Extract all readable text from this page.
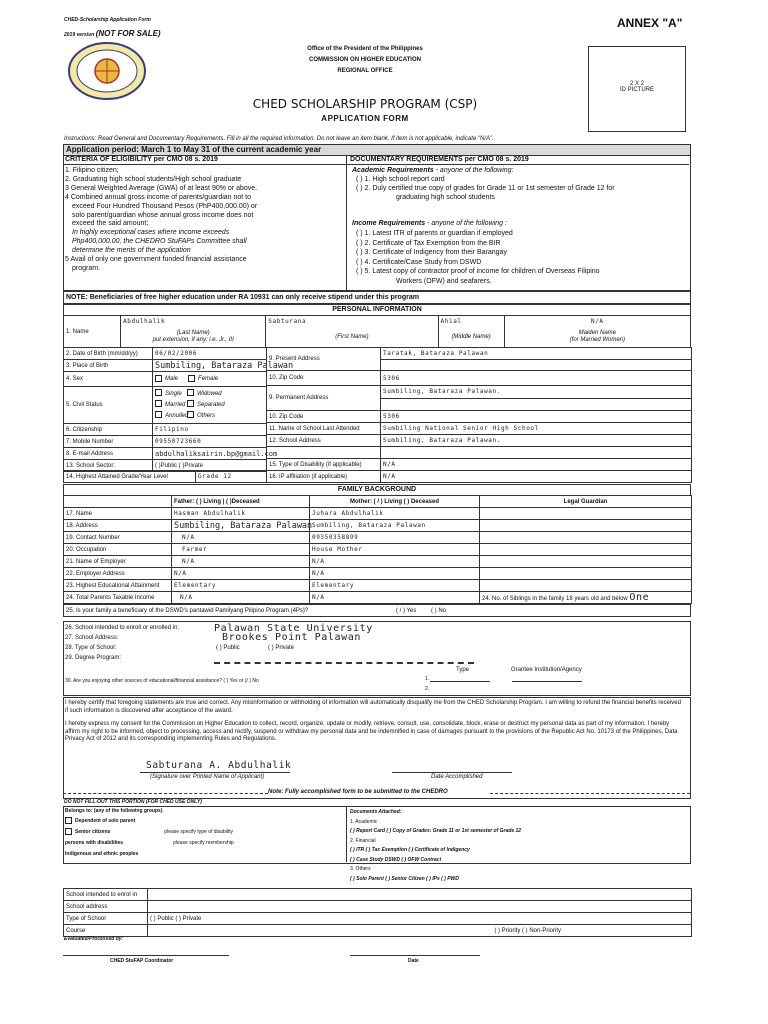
CHED-Scholarship Application Form
2019 version (NOT FOR SALE)
ANNEX "A"
Office of the President of the Philippines
COMMISSION ON HIGHER EDUCATION
REGIONAL OFFICE
CHED SCHOLARSHIP PROGRAM (CSP)
APPLICATION FORM
2 X 2
ID PICTURE
Instructions: Read General and Documentary Requirements. Fill in all the required information. Do not leave an item blank. If item is not applicable, indicate "N/A".
Application period: March 1 to May 31 of the current academic year
CRITERIA OF ELIGIBILITY per CMO 08 s. 2019
1. Filipino citizen;
2. Graduating high school students/High school graduate
3 General Weighted Average (GWA) of at least 90% or above.
4 Combined annual gross income of parents/guardian not to
exceed Four Hundred Thousand Pesos (PhP400,000.00) or
solo parent/guardian whose annual gross income does not
exceed the said amount;
In highly exceptional cases where income exceeds
Php400,000.00, the CHEDRO StuFAPs Committee shall
determine the merits of the application
5 Avail of only one government funded financial assistance
program.
DOCUMENTARY REQUIREMENTS per CMO 08 s. 2019
Academic Requirements - anyone of the following:
( ) 1. High school report card
( ) 2. Duly certified true copy of grades for Grade 11 or 1st semester of Grade 12 for
graduating high school students
Income Requirements - anyone of the following :
( ) 1. Latest ITR of parents or guardian if employed
( ) 2. Certificate of Tax Exemption from the BIR
( ) 3. Certificate of Indigency from their Barangay
( ) 4. Certificate/Case Study from DSWD
( ) 5. Latest copy of contractor proof of income for children of Overseas Filipino
Workers (OFW) and seafarers.
NOTE: Beneficiaries of free higher education under RA 10931 can only receive stipend under this program
PERSONAL INFORMATION
1. Name	Abdulhalik	Sabturana	Ahial	N/A
	(Last Name)
put extension, if any: i.e. Jr., III	(First Name)	(Middle Name)	Maiden Name
(for Married Women)
2. Date of Birth (mm/dd/yy)	06/02/2006
3. Place of Birth	Sumbiling, Bataraza Palawan
4. Sex	Male Female
5. Civil Status	Single Widowed
Married Separated
Annulled Others
6. Citizenship	Filipino
7. Mobile Number	09550723660
8. E-mail Address	abdulhaliksairin.bp@gmail.com
13. School Sector:	( )Public ( )Private
14. Highest Attained Grade/Year Level	Grade 12
9. Present Address	Taratak, Bataraza Palawan

10. Zip Code	5306
9. Permanent Address	Sumbiling, Bataraza Palawan.

10. Zip Code	5306
11. Name of School Last Attended	Sumbiling National Senior High School
12. School Address	Sumbiling, Bataraza Palawan.

15. Type of Disability (if applicable)	N/A
16. IP affiliation (if applicable)	N/A
FAMILY BACKGROUND
	Father: ( ) Living | ( )Deceased	Mother: ( / ) Living ( ) Deceased	Legal Guardian
17. Name	Hasman Abdulhalik	Juhara Abdulhalik	
18. Address	Sumbiling, Bataraza Palawan	Sumbiling, Bataraza Palawan	
19. Contact Number	N/A	09350358899	
20. Occupation	Farmer	House Mother	
21. Name of Employer	N/A	N/A	
22. Employer Address	N/A	N/A	
23. Highest Educational Attainment	Elementary	Elementary	
24. Total Parents Taxable Income	N/A	N/A	24. No. of Siblings in the family 18 years old and below One
25. Is your family a beneficiary of the DSWD's pantawid Pamilyang Pilipino Program (4Ps)?	( / ) Yes ( ) No
26. School intended to enroll or enrolled in:	Palawan State University
27. School Address:	Brookes Point Palawan
28. Type of School:	( ) Public	( ) Private
29. Degree Program:
Type	Grantee Institution/Agency
30. Are you enjoying other sources of educational/financial assistance? ( ) Yes or (/ ) No	1.
2.
I hereby certify that foregoing statements are true and correct. Any misinformation or withholding of information will automatically disqualify me from the CHED Scholarship Program. I am willing to refund the financial benefits received if such information is discovered after acceptance of the award.
I hereby express my consent for the Commission on Higher Education to collect, record, organize, update or modify, retrieve, consult, use, consolidate, block, erase or destruct my personal data as part of my information. I hereby affirm my right to be informed, object to processing, access and rectify, suspend or withdraw my personal data and be indemnified in case of damages pursuant to the provisions of the Republic Act No. 10173 of the Philippines, Data Privacy Act of 2012 and its corresponding implementing Rules and Regulations.
Sabturana A. Abdulhalik
(Signature over Printed Name of Applicant)	Date Accomplished
Note: Fully accomplished form to be submitted to the CHEDRO
DO NOT FILL-OUT THIS PORTION (FOR CHED USE ONLY)
Belongs to: (any of the following groups)
Dependent of solo parent
Senior citizens	please specify type of disability
persons with disabilities	please specify membership
Indigenous and ethnic peoples
Documents Attached:
1. Academic
( ) Report Card ( ) Copy of Grades: Grade 11 or 1st semester of Grade 12
2. Financial
( ) ITR ( ) Tax Exemption ( ) Certificate of Indigency
( ) Case Study DSWD ( ) OFW Contract
3. Others
( ) Solo Parent ( ) Senior Citizen ( ) IPs ( ) PWD
School intended to enrol in	
School address	
Type of School	( ) Public ( ) Private
Course	( ) Priority ( ) Non-Priority
Evaluated/Processed by:
CHED StuFAP Coordinator	Date
